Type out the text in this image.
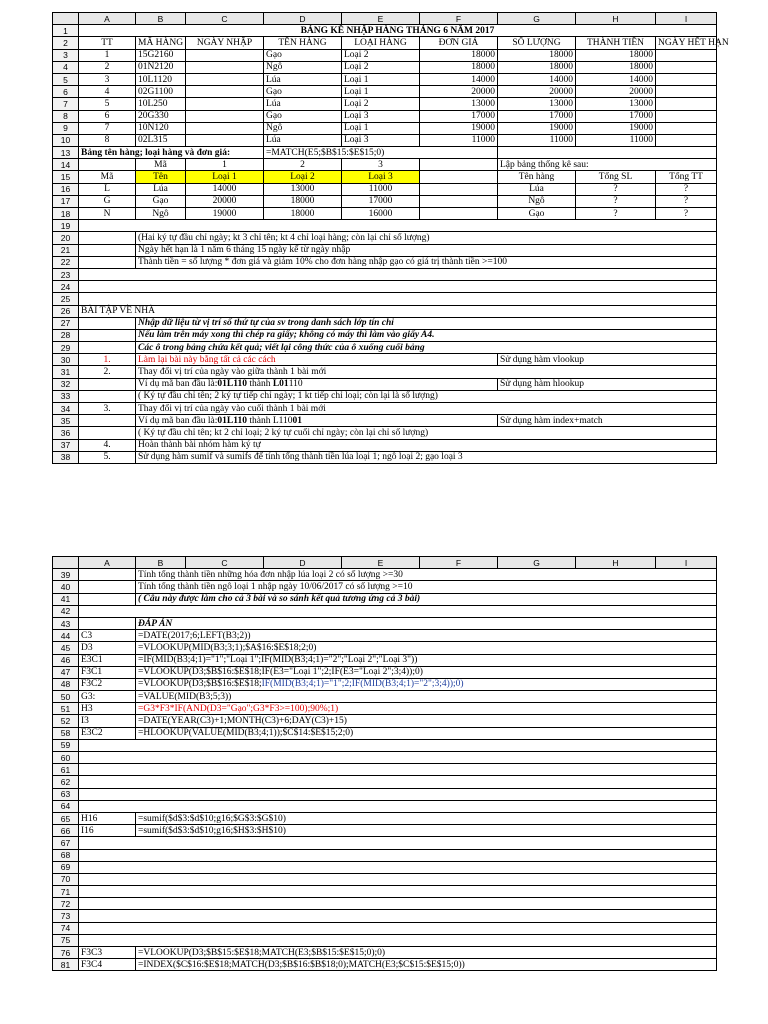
	A	B	C	D	E	F	G	H	I
1	BẢNG KÊ NHẬP HÀNG THÁNG 6 NĂM 2017								
2	TT	MÃ HÀNG	NGÀY NHẬP	TÊN HÀNG	LOẠI HÀNG	ĐƠN GIÁ	SỐ LƯỢNG	THÀNH TIỀN	NGÀY HẾT HẠN
3	1	15G2160		Gạo	Loại 2	18000	18000	18000	
4	2	01N2120		Ngô	Loại 2	18000	18000	18000	
5	3	10L1120		Lúa	Loại 1	14000	14000	14000	
6	4	02G1100		Gạo	Loại 1	20000	20000	20000	
7	5	10L250		Lúa	Loại 2	13000	13000	13000	
8	6	20G330		Gạo	Loại 3	17000	17000	17000	
9	7	10N120		Ngô	Loại 1	19000	19000	19000	
10	8	02L315		Lúa	Loại 3	11000	11000	11000	
13	Bảng tên hàng; loại hàng và đơn giá:			=MATCH(E5;$B$15:$E$15;0)					
14		Mã	1	2	3		Lập bảng thống kê sau:		
15	Mã	Tên	Loại 1	Loại 2	Loại 3		Tên hàng	Tổng SL	Tổng TT
16	L	Lúa	14000	13000	11000		Lúa	?	?
17	G	Gạo	20000	18000	17000		Ngô	?	?
18	N	Ngô	19000	18000	16000		Gạo	?	?
19									
20		(Hai ký tự đầu chỉ ngày; kt 3 chỉ tên; kt 4 chỉ loại hàng; còn lại chỉ số lượng)							
21		Ngày hết hạn là 1 năm 6 tháng 15 ngày kể từ ngày nhập							
22		Thành tiền = số lượng * đơn giá và giảm 10% cho đơn hàng nhập gạo có giá trị thành tiền >=100							
23									
24									
25									
26	BÀI TẬP VỀ NHÀ								
27		Nhập dữ liệu từ vị trí số thứ tự của sv trong danh sách lớp tín chỉ							
28		Nếu làm trên máy xong thì chép ra giấy; không có máy thì làm vào giấy A4.							
29		Các ô trong bảng chứa kết quả; viết lại công thức của ô xuống cuối bảng							
30	1.	Làm lại bài này bằng tất cả các cách					Sử dụng hàm vlookup		
31	2.	Thay đổi vị trí của ngày vào giữa thành 1 bài mới							
32		Ví dụ mã ban đầu là:01L110 thành L01110					Sử dụng hàm hlookup		
33		( Ký tự đầu chỉ tên; 2 ký tự tiếp chỉ ngày; 1 kt tiếp chỉ loại; còn lại là số lượng)							
34	3.	Thay đổi vị trí của ngày vào cuối thành 1 bài mới							
35		Ví dụ mã ban đầu là:01L110 thành L11001					Sử dụng hàm index+match		
36		( Ký tự đầu chỉ tên; kt 2 chỉ loại; 2 ký tự cuối chỉ ngày; còn lại chỉ số lượng)							
37	4.	Hoàn thành bài nhóm hàm ký tự							
38	5.	Sử dụng hàm sumif và sumifs để tính tổng thành tiền lúa loại 1; ngô loại 2; gạo loại 3							
	A	B	C	D	E	F	G	H	I
39		Tính tổng thành tiền những hóa đơn nhập lúa loại 2 có số lượng >=30							
40		Tính tổng thành tiền ngô loại 1 nhập ngày 10/06/2017 có số lượng >=10							
41		( Câu này được làm cho cả 3 bài và so sánh kết quả tương ứng cả 3 bài)							
42									
43		ĐÁP ÁN							
44	C3	=DATE(2017;6;LEFT(B3;2))							
45	D3	=VLOOKUP(MID(B3;3;1);$A$16:$E$18;2;0)							
46	E3C1	=IF(MID(B3;4;1)="1";"Loại 1";IF(MID(B3;4;1)="2";"Loại 2";"Loại 3"))							
47	F3C1	=VLOOKUP(D3;$B$16:$E$18;IF(E3="Loại 1";2;IF(E3="Loại 2";3;4));0)							
48	F3C2	=VLOOKUP(D3;$B$16:$E$18;IF(MID(B3;4;1)="1";2;IF(MID(B3;4;1)="2";3;4));0)							
50	G3:	=VALUE(MID(B3;5;3))							
51	H3	=G3*F3*IF(AND(D3="Gạo";G3*F3>=100);90%;1)							
52	I3	=DATE(YEAR(C3)+1;MONTH(C3)+6;DAY(C3)+15)							
58	E3C2	=HLOOKUP(VALUE(MID(B3;4;1));$C$14:$E$15;2;0)							
59									
60									
61									
62									
63									
64									
65	H16	=sumif($d$3:$d$10;g16;$G$3:$G$10)							
66	I16	=sumif($d$3:$d$10;g16;$H$3:$H$10)							
67									
68									
69									
70									
71									
72									
73									
74									
75									
76	F3C3	=VLOOKUP(D3;$B$15:$E$18;MATCH(E3;$B$15:$E$15;0);0)							
81	F3C4	=INDEX($C$16:$E$18;MATCH(D3;$B$16:$B$18;0);MATCH(E3;$C$15:$E$15;0))							
